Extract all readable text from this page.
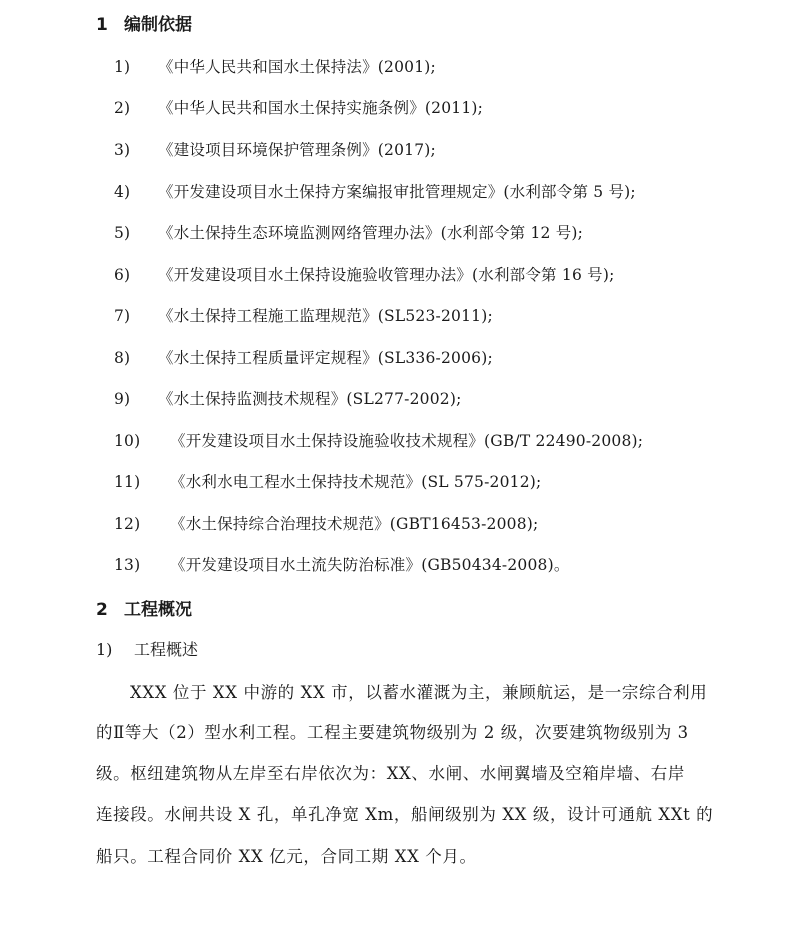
1 编制依据
1) 《中华人民共和国水土保持法》(2001);
2) 《中华人民共和国水土保持实施条例》(2011);
3) 《建设项目环境保护管理条例》(2017);
4) 《开发建设项目水土保持方案编报审批管理规定》(水利部令第 5 号);
5) 《水土保持生态环境监测网络管理办法》(水利部令第 12 号);
6) 《开发建设项目水土保持设施验收管理办法》(水利部令第 16 号);
7) 《水土保持工程施工监理规范》(SL523-2011);
8) 《水土保持工程质量评定规程》(SL336-2006);
9) 《水土保持监测技术规程》(SL277-2002);
10) 《开发建设项目水土保持设施验收技术规程》(GB/T 22490-2008);
11) 《水利水电工程水土保持技术规范》(SL 575-2012);
12) 《水土保持综合治理技术规范》(GBT16453-2008);
13) 《开发建设项目水土流失防治标准》(GB50434-2008)。
2 工程概况
1) 工程概述
XXX 位于 XX 中游的 XX 市，以蓄水灌溉为主，兼顾航运，是一宗综合利用
的Ⅱ等大（2）型水利工程。工程主要建筑物级别为 2 级，次要建筑物级别为 3
级。枢纽建筑物从左岸至右岸依次为：XX、水闸、水闸翼墙及空箱岸墙、右岸
连接段。水闸共设 X 孔，单孔净宽 Xm，船闸级别为 XX 级，设计可通航 XXt 的
船只。工程合同价 XX 亿元，合同工期 XX 个月。
